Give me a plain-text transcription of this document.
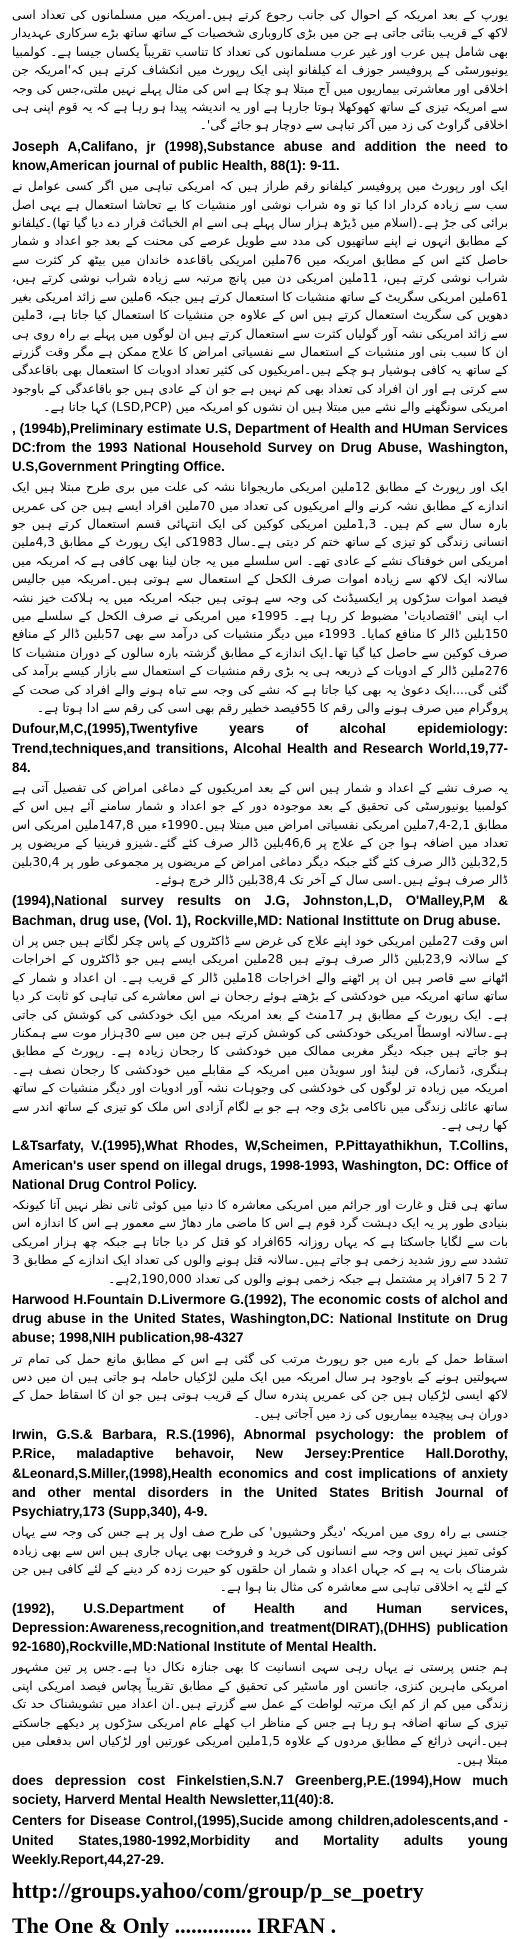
یورپ کے بعد امریکہ کے احوال کی جانب رجوع کرتے ہیں۔امریکہ میں مسلمانوں کی تعداد اسی لاکھ کے قریب بتائی جاتی ہے جن میں بڑی کاروباری شخصیات کے ساتھ ساتھ بڑے سرکاری عہدیدار بھی شامل ہیں عرب اور غیر عرب مسلمانوں کی تعداد کا تناسب تقریباً یکساں جیسا ہے۔ کولمبیا یونیورسٹی کے پروفیسر جوزف اے کیلفانو اپنی ایک رپورٹ میں انکشاف کرتے ہیں کہ'امریکہ جن اخلاقی اور معاشرتی بیماریوں میں آج مبتلا ہو چکا ہے اس کی مثال پہلے نہیں ملتی،جس کی وجہ سے امریکہ تیزی کے ساتھ کھوکھلا ہوتا جارہا ہے اور یہ اندیشہ پیدا ہو رہا ہے کہ یہ قوم اپنی ہی اخلاقی گراوٹ کی زد میں آکر تباہی سے دوچار ہو جائے گی'۔

Joseph A,Califano, jr (1998),Substance abuse and addition the need to know,American journal of public Health, 88(1): 9-11.

ایک اور رپورٹ میں پروفیسر کیلفانو رقم طراز ہیں کہ امریکی تباہی میں اگر کسی عوامل نے سب سے زیادہ کردار ادا کیا تو وہ شراب نوشی اور منشیات کا بے تحاشا استعمال ہے یہی اصل برائی کی جڑ ہے۔(اسلام میں ڈیڑھ ہزار سال پہلے ہی اسے ام الخبائث قرار دے دیا گیا تھا)۔کیلفانو کے مطابق انہوں نے اپنے ساتھیوں کی مدد سے طویل عرصے کی محنت کے بعد جو اعداد و شمار حاصل کئے اس کے مطابق امریکہ میں 76ملین امریکی باقاعدہ خاندان میں بیٹھ کر کثرت سے شراب نوشی کرتے ہیں، 11ملین امریکی دن میں پانچ مرتبہ سے زیادہ شراب نوشی کرتے ہیں، 61ملین امریکی سگریٹ کے ساتھ منشیات کا استعمال کرتے ہیں جبکہ 6ملین سے زائد امریکی بغیر دھویں کی سگریٹ استعمال کرتے ہیں اس کے علاوہ جن منشیات کا استعمال کیا جاتا ہے، 3ملین سے زائد امریکی نشہ آور گولیاں کثرت سے استعمال کرتے ہیں ان لوگوں میں پہلے بے راہ روی ہی ان کا سبب بنی اور منشیات کے استعمال سے نفسیاتی امراض کا علاج ممکن ہے مگر وقت گزرنے کے ساتھ یہ کافی ہوشیار ہو چکے ہیں۔امریکیوں کی کثیر تعداد ادویات کا استعمال بھی باقاعدگی سے کرتی ہے اور ان افراد کی تعداد بھی کم نہیں ہے جو ان کے عادی ہیں جو باقاعدگی کے باوجود امریکی سونگھنے والے نشے میں مبتلا ہیں ان نشوں کو امریکہ میں (LSD,PCP) کہا جاتا ہے۔

, (1994b),Preliminary estimate U.S, Department of Health and HUman Services DC:from the 1993 National Household Survey on Drug Abuse, Washington, U.S,Government Pringting Office.

ایک اور رپورٹ کے مطابق 12ملین امریکی ماریجوانا نشہ کی علت میں بری طرح مبتلا ہیں ایک اندازے کے مطابق نشہ کرنے والے امریکیوں کی تعداد میں 70ملین افراد ایسے ہیں جن کی عمریں بارہ سال سے کم ہیں۔ 1,3ملین امریکی کوکین کی ایک انتہائی قسم استعمال کرتے ہیں جو انسانی زندگی کو تیزی کے ساتھ ختم کر دیتی ہے۔سال 1983کی ایک رپورٹ کے مطابق 4,3ملین امریکی اس خوفناک نشے کے عادی تھے۔ اس سلسلے میں یہ جان لینا بھی کافی ہے کہ امریکہ میں سالانہ ایک لاکھ سے زیادہ اموات صرف الکحل کے استعمال سے ہوتی ہیں۔امریکہ میں جالیس فیصد اموات سڑکوں پر ایکسیڈنٹ کی وجہ سے ہوتی ہیں جبکہ امریکہ میں یہ ہلاکت خیز نشہ اب اپنی 'اقتصادیات' مضبوط کر رہا ہے۔ 1995ء میں امریکی نے صرف الکحل کے سلسلے میں 150بلین ڈالر کا منافع کمایا۔ 1993ء میں دیگر منشیات کی درآمد سے بھی 57بلین ڈالر کے منافع صرف کوکین سے حاصل کیا گیا تھا۔ایک اندازے کے مطابق گزشتہ بارہ سالوں کے دوران منشیات کا 276ملین ڈالر کے ادویات کے ذریعہ ہی یہ بڑی رقم منشیات کے استعمال سے بازار کیسے برآمد کی گئی گی....ایک دعویٰ یہ بھی کیا جاتا ہے کہ نشے کی وجہ سے تباہ ہونے والے افراد کی صحت کے پروگرام میں صرف ہونے والی رقم کا 55فیصد خطیر رقم بھی اسی کی رقم سے ادا ہوتا ہے۔

Dufour,M,C,(1995),Twentyfive years of alcohal epidemiology: Trend,techniques,and transitions, Alcohal Health and Research World,19,77-84.

یہ صرف نشے کے اعداد و شمار ہیں اس کے بعد امریکیوں کے دماغی امراض کی تفصیل آتی ہے کولمبیا یونیورسٹی کی تحقیق کے بعد موجودہ دور کے جو اعداد و شمار سامنے آئے ہیں اس کے مطابق 2,1-7,4ملین امریکی نفسیاتی امراض میں مبتلا ہیں۔1990ء میں 147,8ملین امریکی اس تعداد میں اضافہ ہوا جن کے علاج پر 46,6بلین ڈالر صرف کئے گئے۔شیزو فرینیا کے مریضوں پر 32,5بلین ڈالر صرف کئے گئے جبکہ دیگر دماغی امراض کے مریضوں پر مجموعی طور پر 30,4بلین ڈالر صرف ہوئے ہیں۔اسی سال کے آخر تک 38,4بلین ڈالر خرچ ہوئے۔

(1994),National survey results on J.G, Johnston,L,D, O'Malley,P,M & Bachman, drug use, (Vol. 1), Rockville,MD: National Instittute on Drug abuse.

اس وقت 27ملین امریکی خود اپنے علاج کی غرض سے ڈاکٹروں کے پاس چکر لگاتے ہیں جس پر ان کے سالانہ 23,9بلین ڈالر صرف ہوتے ہیں 28ملین امریکی ایسے ہیں جو ڈاکٹروں کے اخراجات اٹھانے سے قاصر ہیں ان پر اٹھنے والے اخراجات 18ملین ڈالر کے قریب ہے۔ ان اعداد و شمار کے ساتھ ساتھ امریکہ میں خودکشی کے بڑھتے ہوئے رجحان نے اس معاشرے کی تباہی کو ثابت کر دیا ہے۔ ایک رپورٹ کے مطابق ہر 17منٹ کے بعد امریکہ میں ایک خودکشی کی کوشش کی جاتی ہے۔سالانہ اوسطاً امریکی خودکشی کی کوشش کرتے ہیں جن میں سے 30ہزار موت سے ہمکنار ہو جاتے ہیں جبکہ دیگر مغربی ممالک میں خودکشی کا رجحان زیادہ ہے۔ رپورٹ کے مطابق ہنگری، ڈنمارک، فن لینڈ اور سویڈن میں امریکہ کے مقابلے میں خودکشی کا رجحان نصف ہے۔امریکہ میں زیادہ تر لوگوں کی خودکشی کی وجوہات نشہ آور ادویات اور دیگر منشیات کے ساتھ ساتھ عائلی زندگی میں ناکامی بڑی وجہ ہے جو بے لگام آزادی اس ملک کو تیزی کے ساتھ اندر سے کھا رہی ہے۔

L&Tsarfaty, V.(1995),What Rhodes, W,Scheimen, P.Pittayathikhun, T.Collins, American's user spend on illegal drugs, 1998-1993, Washington, DC: Office of National Drug Control Policy.

ساتھ ہی قتل و غارت اور جرائم میں امریکی معاشرہ کا دنیا میں کوئی ثانی نظر نہیں آتا کیونکہ بنیادی طور پر یہ ایک دہشت گرد قوم ہے اس کا ماضی مار دھاڑ سے معمور ہے اس کا اندازہ اس بات سے لگایا جاسکتا ہے کہ یہاں روزانہ 65افراد کو قتل کر دیا جاتا ہے جبکہ چھ ہزار امریکی تشدد سے روز شدید زخمی ہو جاتے ہیں۔سالانہ قتل ہونے والوں کی تعداد ایک اندازے کے مطابق 3 7 2 5 7افراد پر مشتمل ہے جبکہ زخمی ہونے والوں کی تعداد 2,190,000ہے۔

Harwood H.Fountain D.Livermore G.(1992), The economic costs of alchol and drug abuse in the United States, Washington,DC: National Institute on Drug abuse; 1998,NIH publication,98-4327

اسقاط حمل کے بارے میں جو رپورٹ مرتب کی گئی ہے اس کے مطابق مانع حمل کی تمام تر سہولتیں ہونے کے باوجود ہر سال امریکہ میں ایک ملین لڑکیاں حاملہ ہو جاتی ہیں ان میں دس لاکھ ایسی لڑکیاں ہیں جن کی عمریں پندرہ سال کے قریب ہوتی ہیں جو ان کا اسقاط حمل کے دوران ہی پیچیدہ بیماریوں کی زد میں آجاتی ہیں۔

Irwin, G.S.& Barbara, R.S.(1996), Abnormal psychology: the problem of P.Rice, maladaptive behavoir, New Jersey:Prentice Hall.Dorothy, &Leonard,S.Miller,(1998),Health economics and cost implications of anxiety and other mental disorders in the United States British Journal of Psychiatry,173 (Supp,340), 4-9.

جنسی بے راہ روی میں امریکہ 'دیگر وحشیوں' کی طرح صف اول پر ہے جس کی وجہ سے یہاں کوئی تمیز نہیں اس وجہ سے انسانوں کی خرید و فروخت بھی یہاں جاری ہیں اس سے بھی زیادہ شرمناک بات یہ ہے کہ جہاں اعداد و شمار ان حلقوں کو حیرت زدہ کر دینے کے لئے کافی ہیں جن کے لئے یہ اخلاقی تباہی سے معاشرہ کی مثال بنا ہوا ہے۔

(1992), U.S.Department of Health and Human services, Depression:Awareness,recognition,and treatment(DIRAT),(DHHS) publication 92-1680),Rockville,MD:National Institute of Mental Health.

ہم جنس پرستی نے یہاں رہی سہی انسانیت کا بھی جنازہ نکال دیا ہے۔جس پر تین مشہور امریکی ماہرین کنزی، جانسن اور ماسٹیر کی تحقیق کے مطابق تقریباً پچاس فیصد امریکی اپنی زندگی میں کم از کم ایک مرتبہ لواطت کے عمل سے گزرتے ہیں۔ان اعداد میں تشویشناک حد تک تیزی کے ساتھ اضافہ ہو رہا ہے جس کے مناظر اب کھلے عام امریکی سڑکوں پر دیکھے جاسکتے ہیں۔انہی ذرائع کے مطابق مردوں کے علاوہ 1,5ملین امریکی عورتیں اور لڑکیاں اس بدفعلی میں مبتلا ہیں۔

does depression cost Finkelstien,S.N.7 Greenberg,P.E.(1994),How much society, Harverd Mental Health Newsletter,11(40):8.

Centers for Disease Control,(1995),Sucide among children,adolescents,and -United States,1980-1992,Morbidity and Mortality adults young Weekly.Report,44,27-29.

http://groups.yahoo/com/group/p_se_poetry
The One & Only .............. IRFAN .
